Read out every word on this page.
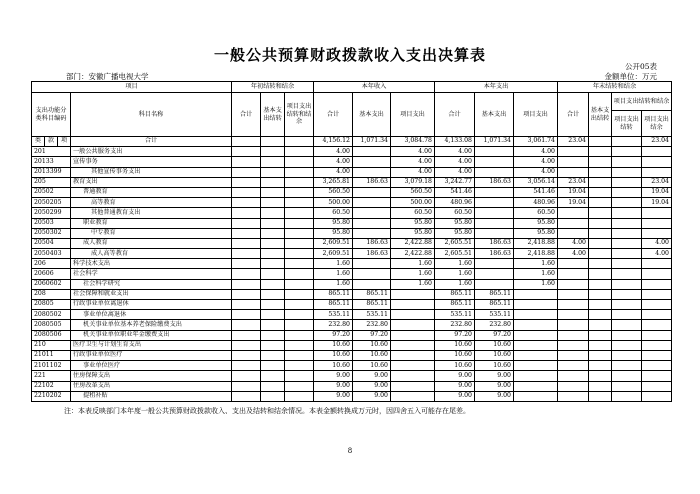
一般公共预算财政拨款收入支出决算表
公开05表
部门：安徽广播电视大学	金额单位：万元
项目				年初结转和结余			本年收入			本年支出			年末结转和结余			
支出功能分类科目编码			科目名称	合计	基本支出结转	项目支出结转和结余	合计	基本支出	项目支出	合计	基本支出	项目支出	合计	基本支出结转	项目支出结转和结余	
															项目支出结转	项目支出结余
类	款	项	合计				4,156.12	1,071.34	3,084.78	4,133.08	1,071.34	3,061.74	23.04			23.04
201			一般公共服务支出				4.00		4.00	4.00		4.00				
20133			宣传事务				4.00		4.00	4.00		4.00				
2013399			其他宣传事务支出				4.00		4.00	4.00		4.00				
205			教育支出				3,265.81	186.63	3,079.18	3,242.77	186.63	3,056.14	23.04			23.04
20502			普通教育				560.50		560.50	541.46		541.46	19.04			19.04
2050205			高等教育				500.00		500.00	480.96		480.96	19.04			19.04
2050299			其他普通教育支出				60.50		60.50	60.50		60.50				
20503			职业教育				95.80		95.80	95.80		95.80				
2050302			中专教育				95.80		95.80	95.80		95.80				
20504			成人教育				2,609.51	186.63	2,422.88	2,605.51	186.63	2,418.88	4.00			4.00
2050403			成人高等教育				2,609.51	186.63	2,422.88	2,605.51	186.63	2,418.88	4.00			4.00
206			科学技术支出				1.60		1.60	1.60		1.60				
20606			社会科学				1.60		1.60	1.60		1.60				
2060602			社会科学研究				1.60		1.60	1.60		1.60				
208			社会保障和就业支出				865.11	865.11		865.11	865.11					
20805			行政事业单位离退休				865.11	865.11		865.11	865.11					
2080502			事业单位离退休				535.11	535.11		535.11	535.11					
2080505			机关事业单位基本养老保险缴费支出				232.80	232.80		232.80	232.80					
2080506			机关事业单位职业年金缴费支出				97.20	97.20		97.20	97.20					
210			医疗卫生与计划生育支出				10.60	10.60		10.60	10.60					
21011			行政事业单位医疗				10.60	10.60		10.60	10.60					
2101102			事业单位医疗				10.60	10.60		10.60	10.60					
221			住房保障支出				9.00	9.00		9.00	9.00					
22102			住房改革支出				9.00	9.00		9.00	9.00					
2210202			提租补贴				9.00	9.00		9.00	9.00					
注：本表反映部门本年度一般公共预算财政拨款收入、支出及结转和结余情况。本表金额转换成万元时，因四舍五入可能存在尾差。
8
